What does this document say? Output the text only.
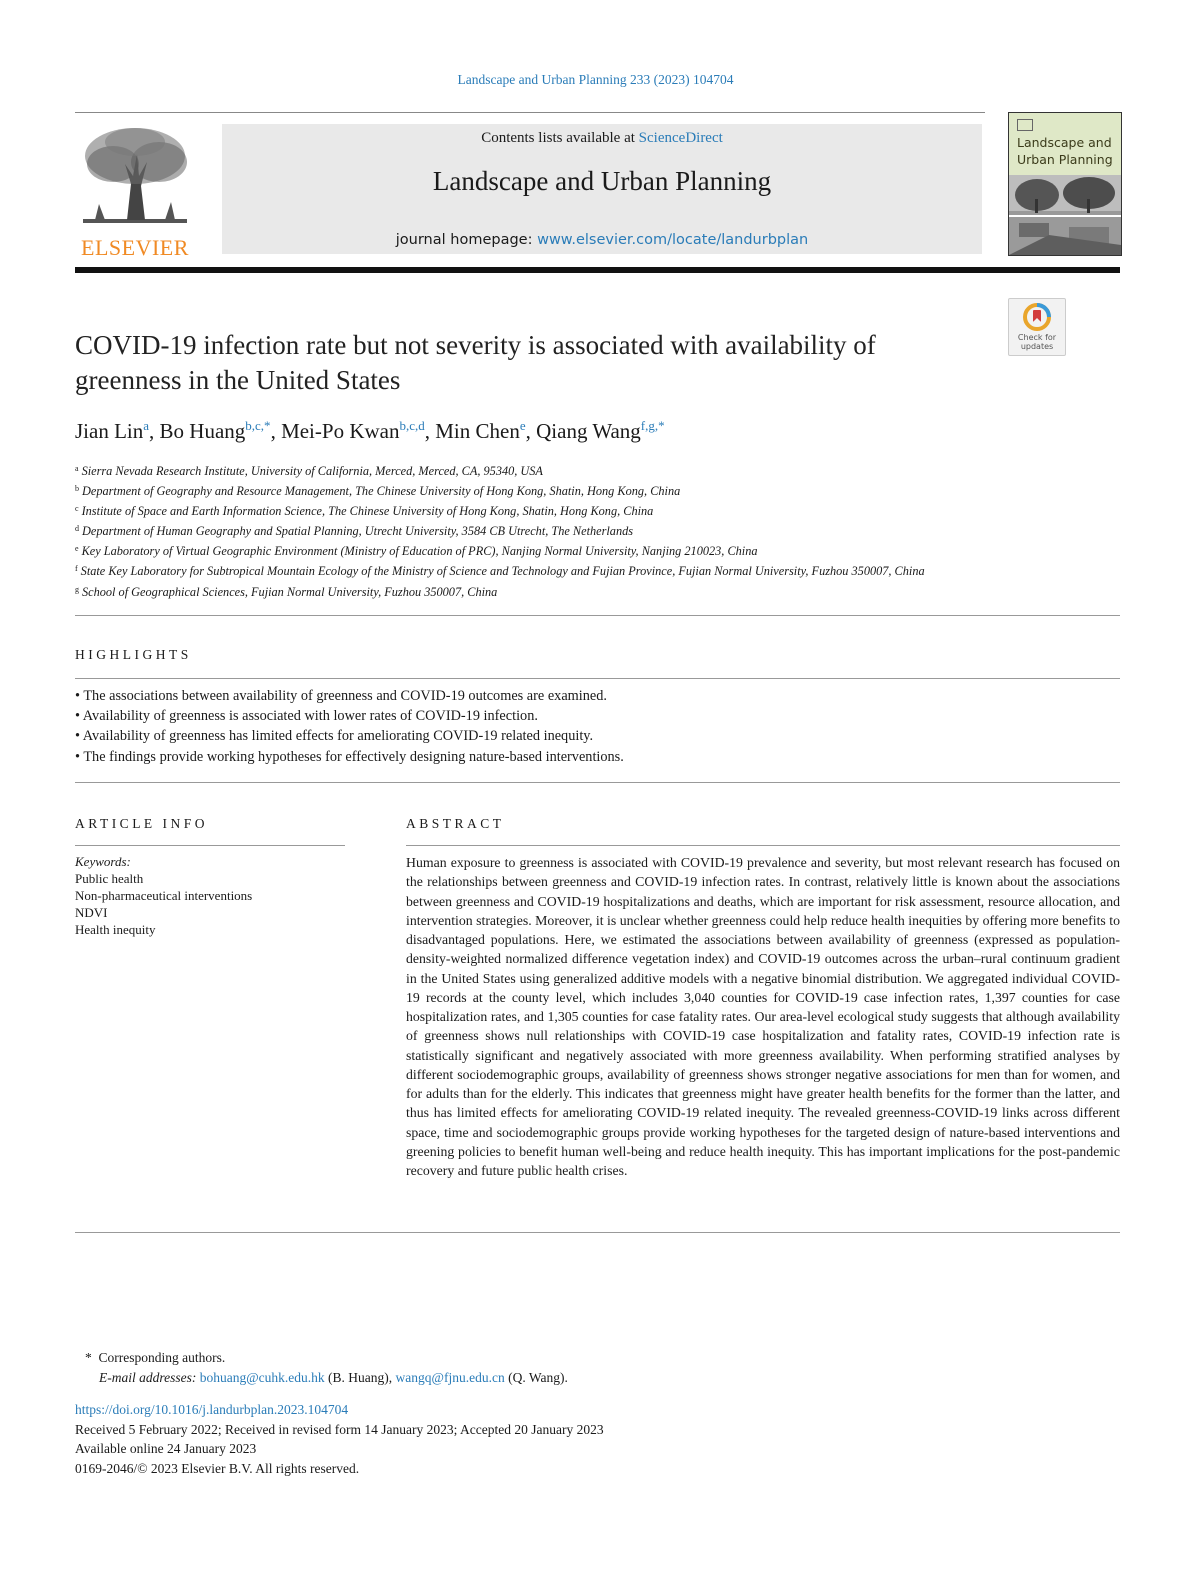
Landscape and Urban Planning 233 (2023) 104704
ELSEVIER
Contents lists available at ScienceDirect
Landscape and Urban Planning
journal homepage: www.elsevier.com/locate/landurbplan
Landscape and Urban Planning
Check for updates
COVID-19 infection rate but not severity is associated with availability of greenness in the United States
Jian Lin$^a$, Bo Huang$^{b,c,*}$, Mei-Po Kwan$^{b,c,d}$, Min Chen$^e$, Qiang Wang$^{f,g,*}$
$^a$ Sierra Nevada Research Institute, University of California, Merced, Merced, CA, 95340, USA
$^b$ Department of Geography and Resource Management, The Chinese University of Hong Kong, Shatin, Hong Kong, China
$^c$ Institute of Space and Earth Information Science, The Chinese University of Hong Kong, Shatin, Hong Kong, China
$^d$ Department of Human Geography and Spatial Planning, Utrecht University, 3584 CB Utrecht, The Netherlands
$^e$ Key Laboratory of Virtual Geographic Environment (Ministry of Education of PRC), Nanjing Normal University, Nanjing 210023, China
$^f$ State Key Laboratory for Subtropical Mountain Ecology of the Ministry of Science and Technology and Fujian Province, Fujian Normal University, Fuzhou 350007, China
$^g$ School of Geographical Sciences, Fujian Normal University, Fuzhou 350007, China
HIGHLIGHTS
• The associations between availability of greenness and COVID-19 outcomes are examined.
• Availability of greenness is associated with lower rates of COVID-19 infection.
• Availability of greenness has limited effects for ameliorating COVID-19 related inequity.
• The findings provide working hypotheses for effectively designing nature-based interventions.
ARTICLE INFO
Keywords:
Public health
Non-pharmaceutical interventions
NDVI
Health inequity
ABSTRACT
Human exposure to greenness is associated with COVID-19 prevalence and severity, but most relevant research has focused on the relationships between greenness and COVID-19 infection rates. In contrast, relatively little is known about the associations between greenness and COVID-19 hospitalizations and deaths, which are important for risk assessment, resource allocation, and intervention strategies. Moreover, it is unclear whether greenness could help reduce health inequities by offering more benefits to disadvantaged populations. Here, we estimated the associations between availability of greenness (expressed as population-density-weighted normalized difference vegetation index) and COVID-19 outcomes across the urban–rural continuum gradient in the United States using generalized additive models with a negative binomial distribution. We aggregated individual COVID-19 records at the county level, which includes 3,040 counties for COVID-19 case infection rates, 1,397 counties for case hospitalization rates, and 1,305 counties for case fatality rates. Our area-level ecological study suggests that although availability of greenness shows null relationships with COVID-19 case hospitalization and fatality rates, COVID-19 infection rate is statistically significant and negatively associated with more greenness availability. When performing stratified analyses by different sociodemographic groups, availability of greenness shows stronger negative associations for men than for women, and for adults than for the elderly. This indicates that greenness might have greater health benefits for the former than the latter, and thus has limited effects for ameliorating COVID-19 related inequity. The revealed greenness-COVID-19 links across different space, time and sociodemographic groups provide working hypotheses for the targeted design of nature-based interventions and greening policies to benefit human well-being and reduce health inequity. This has important implications for the post-pandemic recovery and future public health crises.
* Corresponding authors.
E-mail addresses: bohuang@cuhk.edu.hk (B. Huang), wangq@fjnu.edu.cn (Q. Wang).
https://doi.org/10.1016/j.landurbplan.2023.104704
Received 5 February 2022; Received in revised form 14 January 2023; Accepted 20 January 2023
Available online 24 January 2023
0169-2046/© 2023 Elsevier B.V. All rights reserved.
